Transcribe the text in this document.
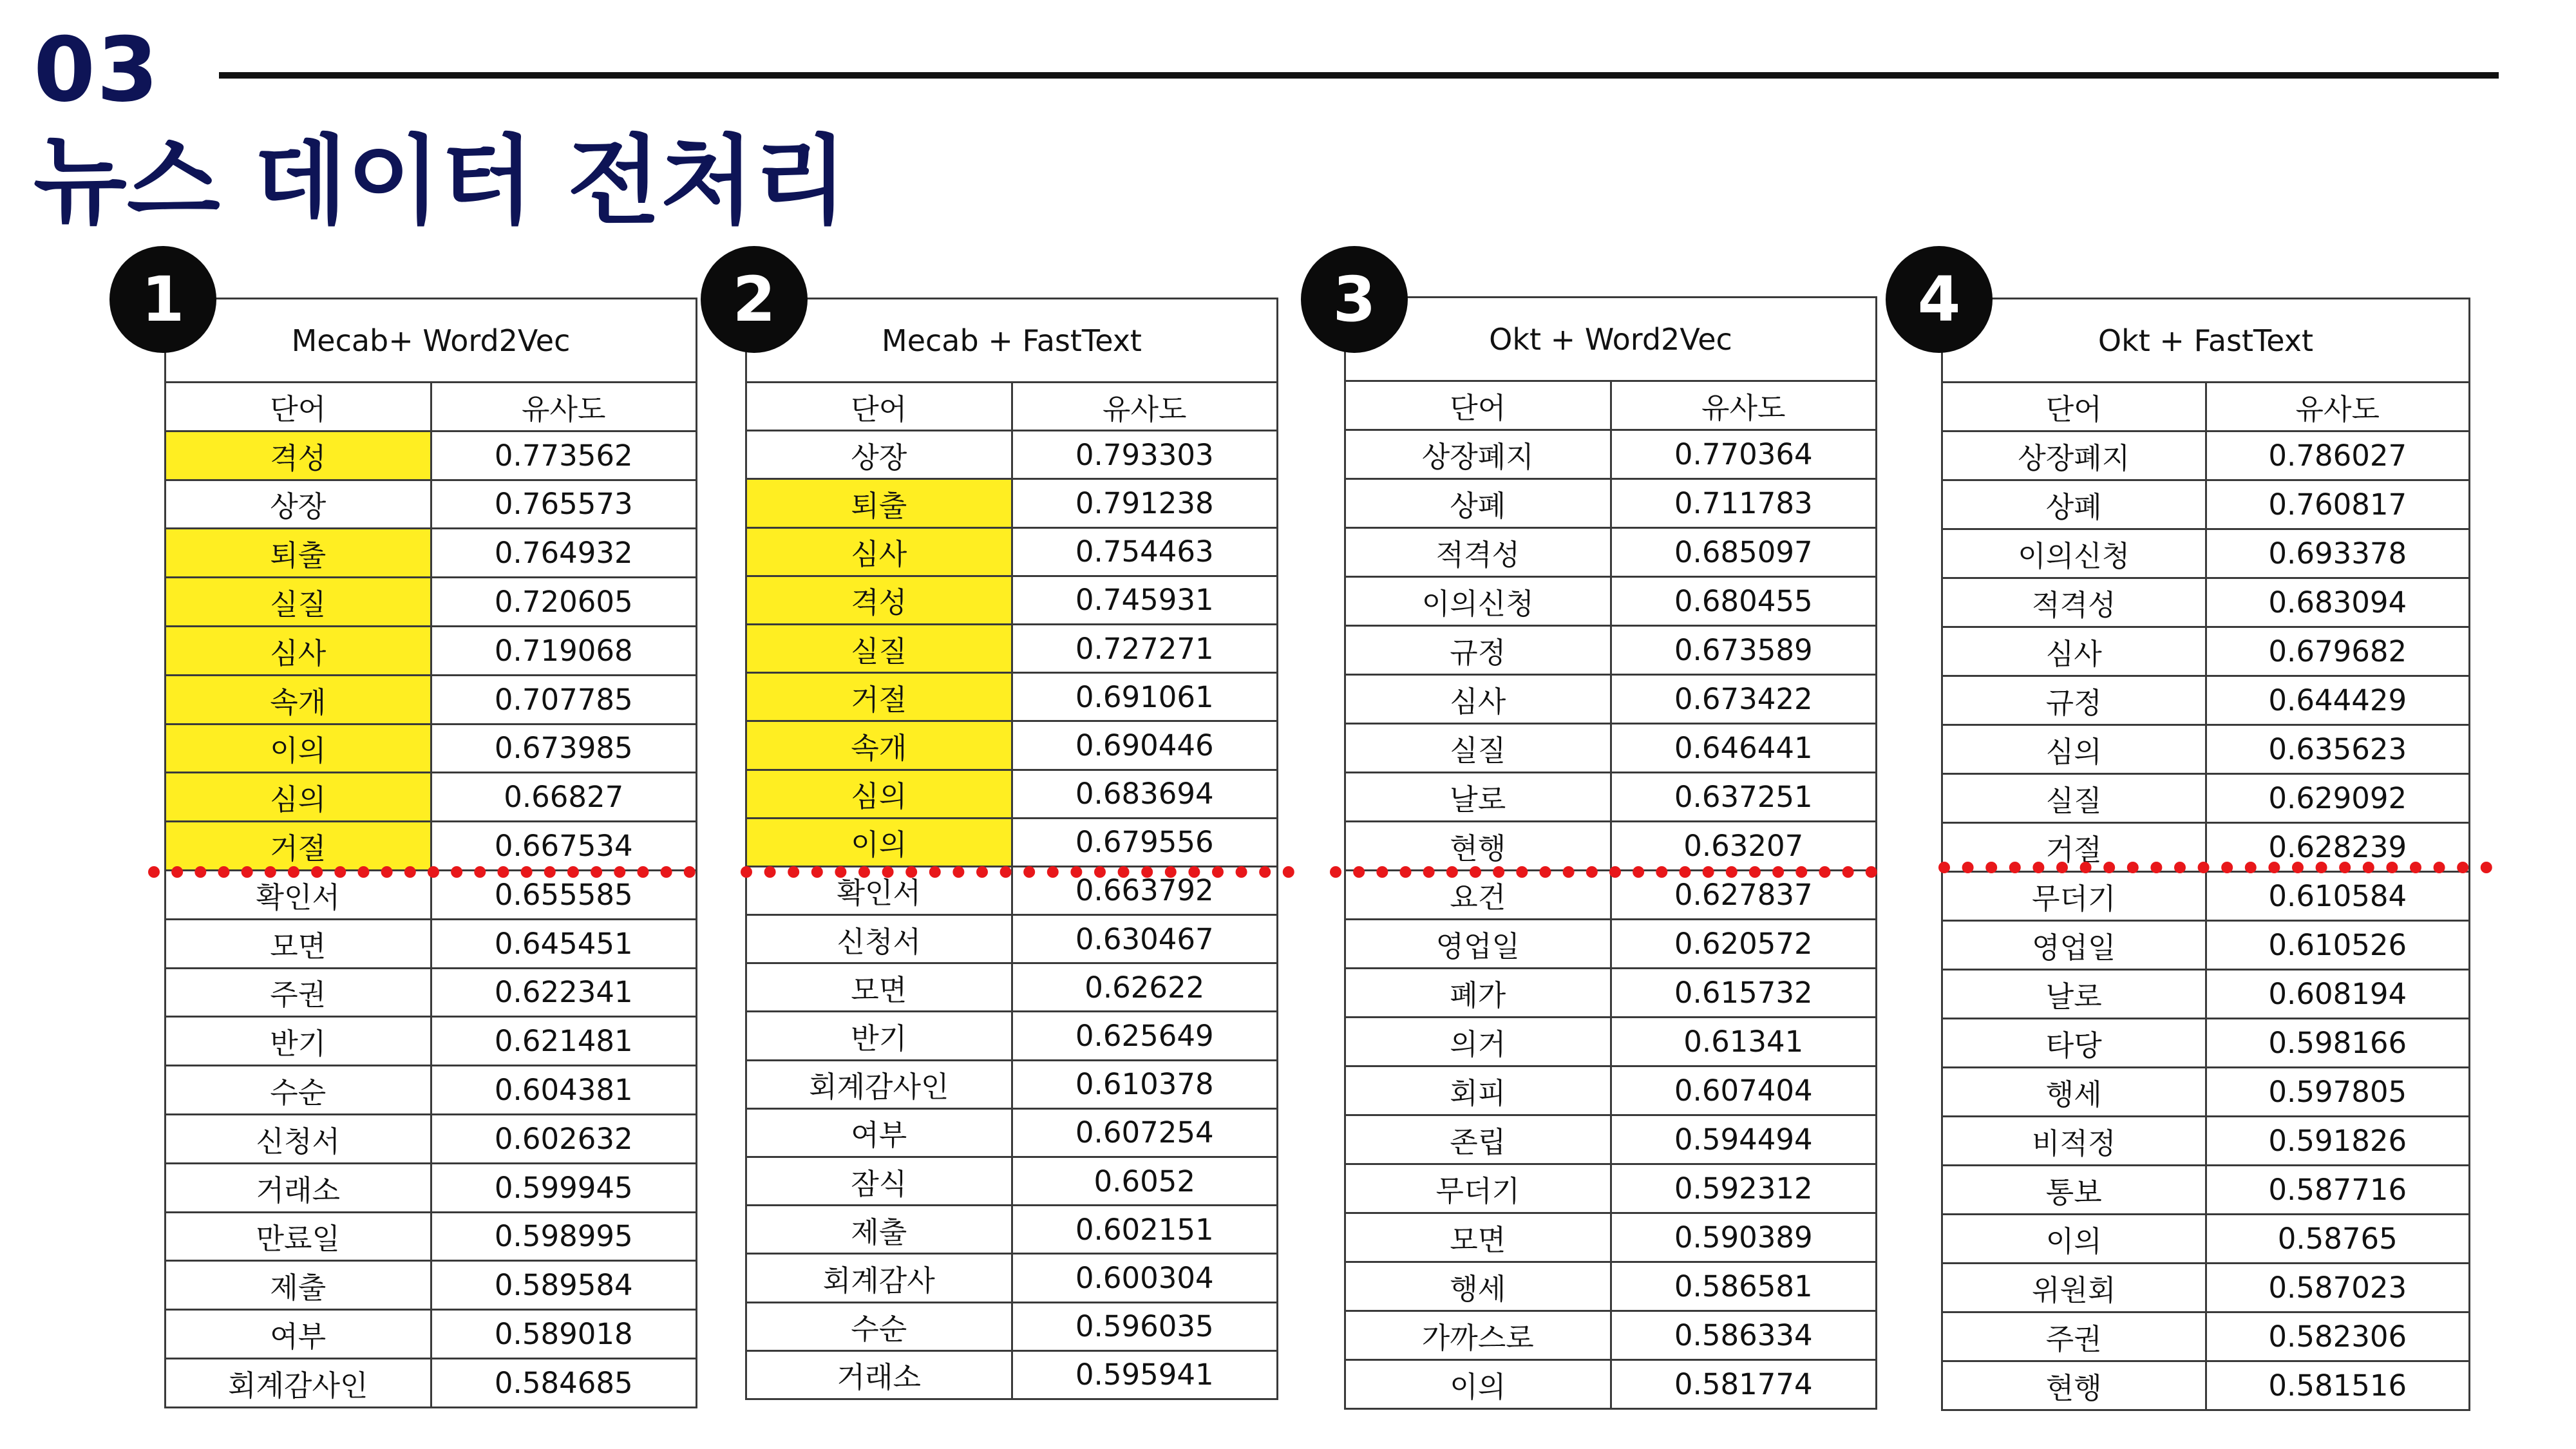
03
뉴스 데이터 전처리
1
Mecab+ Word2Vec	
단어	유사도
격성	0.773562
상장	0.765573
퇴출	0.764932
실질	0.720605
심사	0.719068
속개	0.707785
이의	0.673985
심의	0.66827
거절	0.667534
확인서	0.655585
모면	0.645451
주권	0.622341
반기	0.621481
수순	0.604381
신청서	0.602632
거래소	0.599945
만료일	0.598995
제출	0.589584
여부	0.589018
회계감사인	0.584685
2
Mecab + FastText	
단어	유사도
상장	0.793303
퇴출	0.791238
심사	0.754463
격성	0.745931
실질	0.727271
거절	0.691061
속개	0.690446
심의	0.683694
이의	0.679556
확인서	0.663792
신청서	0.630467
모면	0.62622
반기	0.625649
회계감사인	0.610378
여부	0.607254
잠식	0.6052
제출	0.602151
회계감사	0.600304
수순	0.596035
거래소	0.595941
3
Okt + Word2Vec	
단어	유사도
상장폐지	0.770364
상폐	0.711783
적격성	0.685097
이의신청	0.680455
규정	0.673589
심사	0.673422
실질	0.646441
날로	0.637251
현행	0.63207
요건	0.627837
영업일	0.620572
폐가	0.615732
의거	0.61341
회피	0.607404
존립	0.594494
무더기	0.592312
모면	0.590389
행세	0.586581
가까스로	0.586334
이의	0.581774
4
Okt + FastText	
단어	유사도
상장폐지	0.786027
상폐	0.760817
이의신청	0.693378
적격성	0.683094
심사	0.679682
규정	0.644429
심의	0.635623
실질	0.629092
거절	0.628239
무더기	0.610584
영업일	0.610526
날로	0.608194
타당	0.598166
행세	0.597805
비적정	0.591826
통보	0.587716
이의	0.58765
위원회	0.587023
주권	0.582306
현행	0.581516
